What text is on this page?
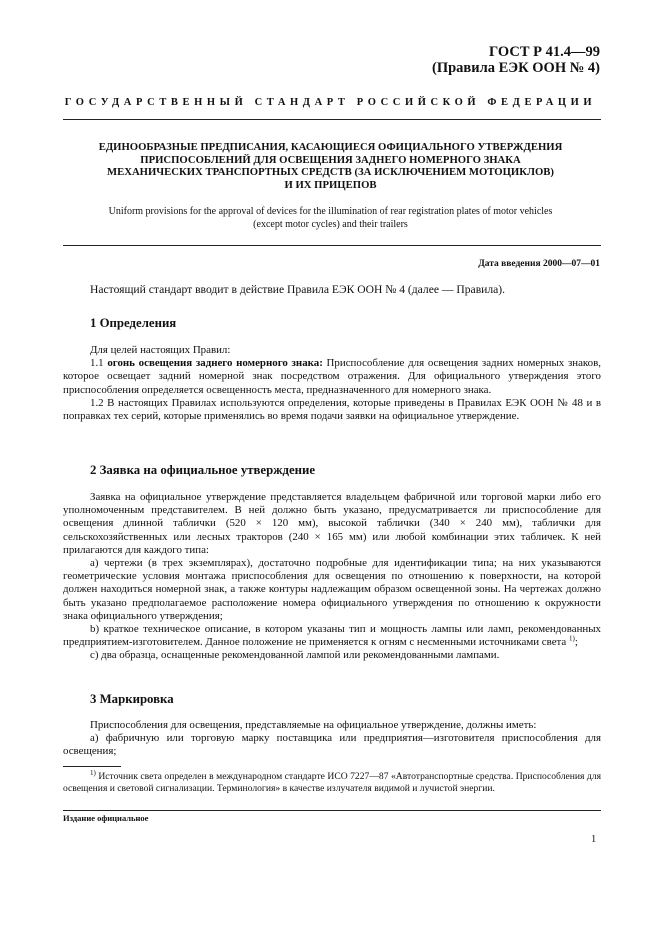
ГОСТ Р 41.4—99
(Правила ЕЭК ООН № 4)
ГОСУДАРСТВЕННЫЙ СТАНДАРТ РОССИЙСКОЙ ФЕДЕРАЦИИ
ЕДИНООБРАЗНЫЕ ПРЕДПИСАНИЯ, КАСАЮЩИЕСЯ ОФИЦИАЛЬНОГО УТВЕРЖДЕНИЯ
ПРИСПОСОБЛЕНИЙ ДЛЯ ОСВЕЩЕНИЯ ЗАДНЕГО НОМЕРНОГО ЗНАКА
МЕХАНИЧЕСКИХ ТРАНСПОРТНЫХ СРЕДСТВ (ЗА ИСКЛЮЧЕНИЕМ МОТОЦИКЛОВ)
И ИХ ПРИЦЕПОВ
Uniform provisions for the approval of devices for the illumination of rear registration plates of motor vehicles
(except motor cycles) and their trailers
Дата введения 2000—07—01
Настоящий стандарт вводит в действие Правила ЕЭК ООН № 4 (далее — Правила).
1 Определения

Для целей настоящих Правил:

1.1 огонь освещения заднего номерного знака: Приспособление для освещения задних номерных знаков, которое освещает задний номерной знак посредством отражения. Для официального утверждения этого приспособления определяется освещенность места, предназначенного для номерного знака.

1.2 В настоящих Правилах используются определения, которые приведены в Правилах ЕЭК ООН № 48 и в поправках тех серий, которые применялись во время подачи заявки на официальное утверждение.

2 Заявка на официальное утверждение

Заявка на официальное утверждение представляется владельцем фабричной или торговой марки либо его уполномоченным представителем. В ней должно быть указано, предусматривается ли приспособление для освещения длинной таблички (520 × 120 мм), высокой таблички (340 × 240 мм), таблички для сельскохозяйственных или лесных тракторов (240 × 165 мм) или любой комбинации этих табличек. К ней прилагаются для каждого типа:

a) чертежи (в трех экземплярах), достаточно подробные для идентификации типа; на них указываются геометрические условия монтажа приспособления для освещения по отношению к поверхности, на которой должен находиться номерной знак, а также контуры надлежащим образом освещенной зоны. На чертежах должно быть указано предполагаемое расположение номера официального утверждения по отношению к окружности знака официального утверждения;

b) краткое техническое описание, в котором указаны тип и мощность лампы или ламп, рекомендованных предприятием-изготовителем. Данное положение не применяется к огням с несменными источниками света $^{1)}$;

c) два образца, оснащенные рекомендованной лампой или рекомендованными лампами.

3 Маркировка

Приспособления для освещения, представляемые на официальное утверждение, должны иметь:

a) фабричную или торговую марку поставщика или предприятия—изготовителя приспособления для освещения;

$^{1)}$ Источник света определен в международном стандарте ИСО 7227—87 «Автотранспортные средства. Приспособления для освещения и световой сигнализации. Терминология» в качестве излучателя видимой и лучистой энергии.

Издание официальное
1
